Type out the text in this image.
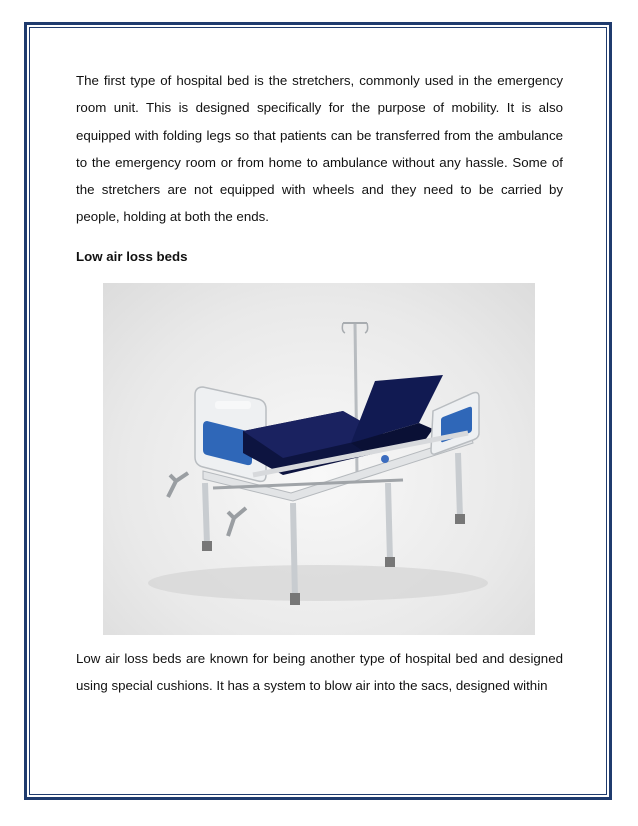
The first type of hospital bed is the stretchers, commonly used in the emergency room unit. This is designed specifically for the purpose of mobility. It is also equipped with folding legs so that patients can be transferred from the ambulance to the emergency room or from home to ambulance without any hassle. Some of the stretchers are not equipped with wheels and they need to be carried by people, holding at both the ends.

Low air loss beds

Low air loss beds are known for being another type of hospital bed and designed using special cushions. It has a system to blow air into the sacs, designed within
